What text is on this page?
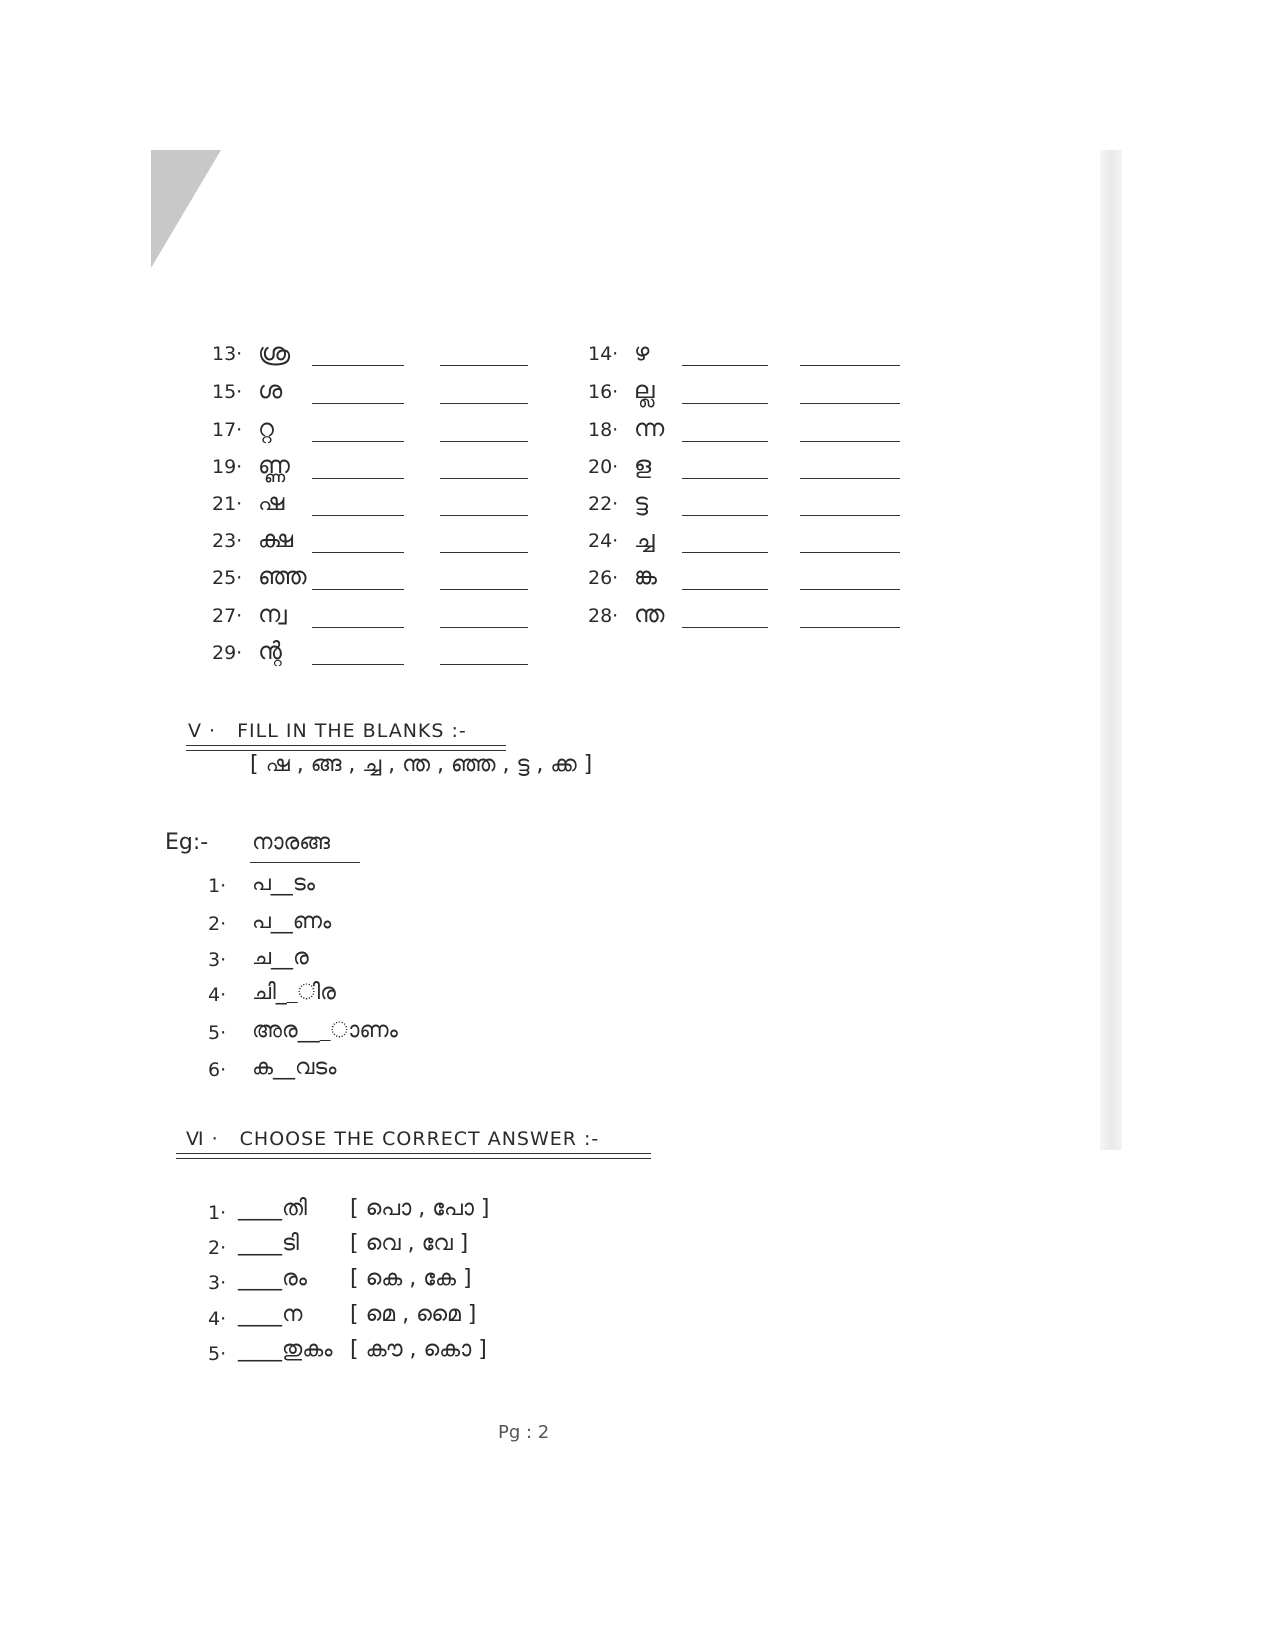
13· ശ്ര	14· ഴ
15· ശ	16· ല്ല
17· റ്റ	18· ന്ന
19· ണ്ണ	20· ള
21· ഷ	22· ട്ട
23· ക്ഷ	24· ച്ച
25· ഞ്ഞ	26· ങ്ക
27· ന്വ	28· ന്ത
29· ന്റ
Ⅴ · FILL IN THE BLANKS :-
[ ഷ , ങ്ങ , ച്ച , ന്ത , ഞ്ഞ , ട്ട , ക്ക ]
Eg:- നാരങ്ങ
1· പ__ടം
2· പ__ണം
3· ച__ര
4· ചി__ിര
5· അര___ാണം
6· ക__വടം
Ⅵ · CHOOSE THE CORRECT ANSWER :-
1· ____തി [ പൊ , പോ ]
2· ____ടി [ വെ , വേ ]
3· ____രം [ കെ , കേ ]
4· ____ന [ മെ , മൈ ]
5· ____തുകം [ കൗ , കൊ ]
Pg : 2
